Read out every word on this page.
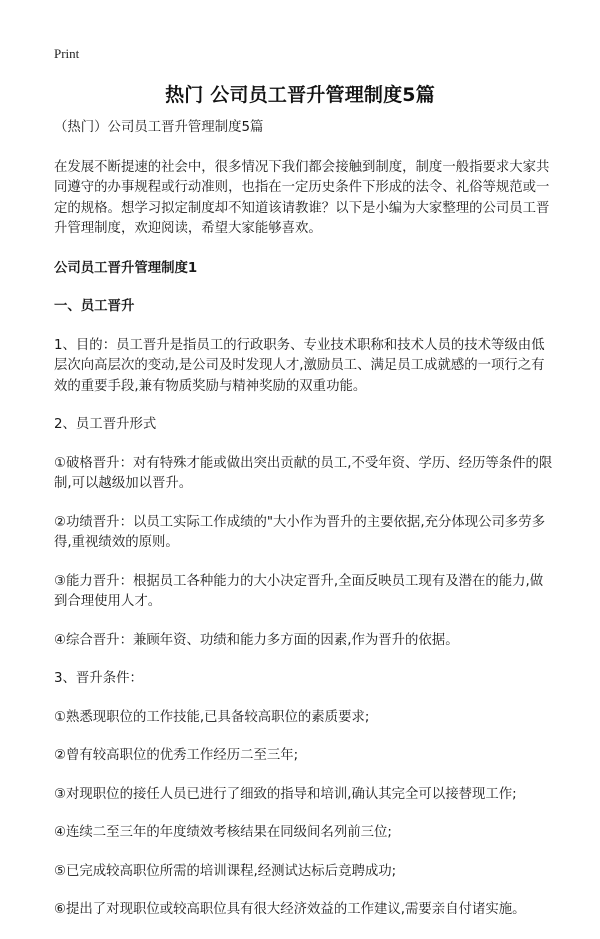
Print
热门 公司员工晋升管理制度5篇

（热门）公司员工晋升管理制度5篇

在发展不断提速的社会中，很多情况下我们都会接触到制度，制度一般指要求大家共同遵守的办事规程或行动准则，也指在一定历史条件下形成的法令、礼俗等规范或一定的规格。想学习拟定制度却不知道该请教谁？以下是小编为大家整理的公司员工晋升管理制度，欢迎阅读，希望大家能够喜欢。

公司员工晋升管理制度1

一、员工晋升

1、目的：员工晋升是指员工的行政职务、专业技术职称和技术人员的技术等级由低层次向高层次的变动,是公司及时发现人才,激励员工、满足员工成就感的一项行之有效的重要手段,兼有物质奖励与精神奖励的双重功能。

2、员工晋升形式

①破格晋升：对有特殊才能或做出突出贡献的员工,不受年资、学历、经历等条件的限制,可以越级加以晋升。

②功绩晋升：以员工实际工作成绩的"大小作为晋升的主要依据,充分体现公司多劳多得,重视绩效的原则。

③能力晋升：根据员工各种能力的大小决定晋升,全面反映员工现有及潜在的能力,做到合理使用人才。

④综合晋升：兼顾年资、功绩和能力多方面的因素,作为晋升的依据。

3、晋升条件：

①熟悉现职位的工作技能,已具备较高职位的素质要求;

②曾有较高职位的优秀工作经历二至三年;

③对现职位的接任人员已进行了细致的指导和培训,确认其完全可以接替现工作;

④连续二至三年的年度绩效考核结果在同级间名列前三位;

⑤已完成较高职位所需的培训课程,经测试达标后竞聘成功;

⑥提出了对现职位或较高职位具有很大经济效益的工作建议,需要亲自付诸实施。
